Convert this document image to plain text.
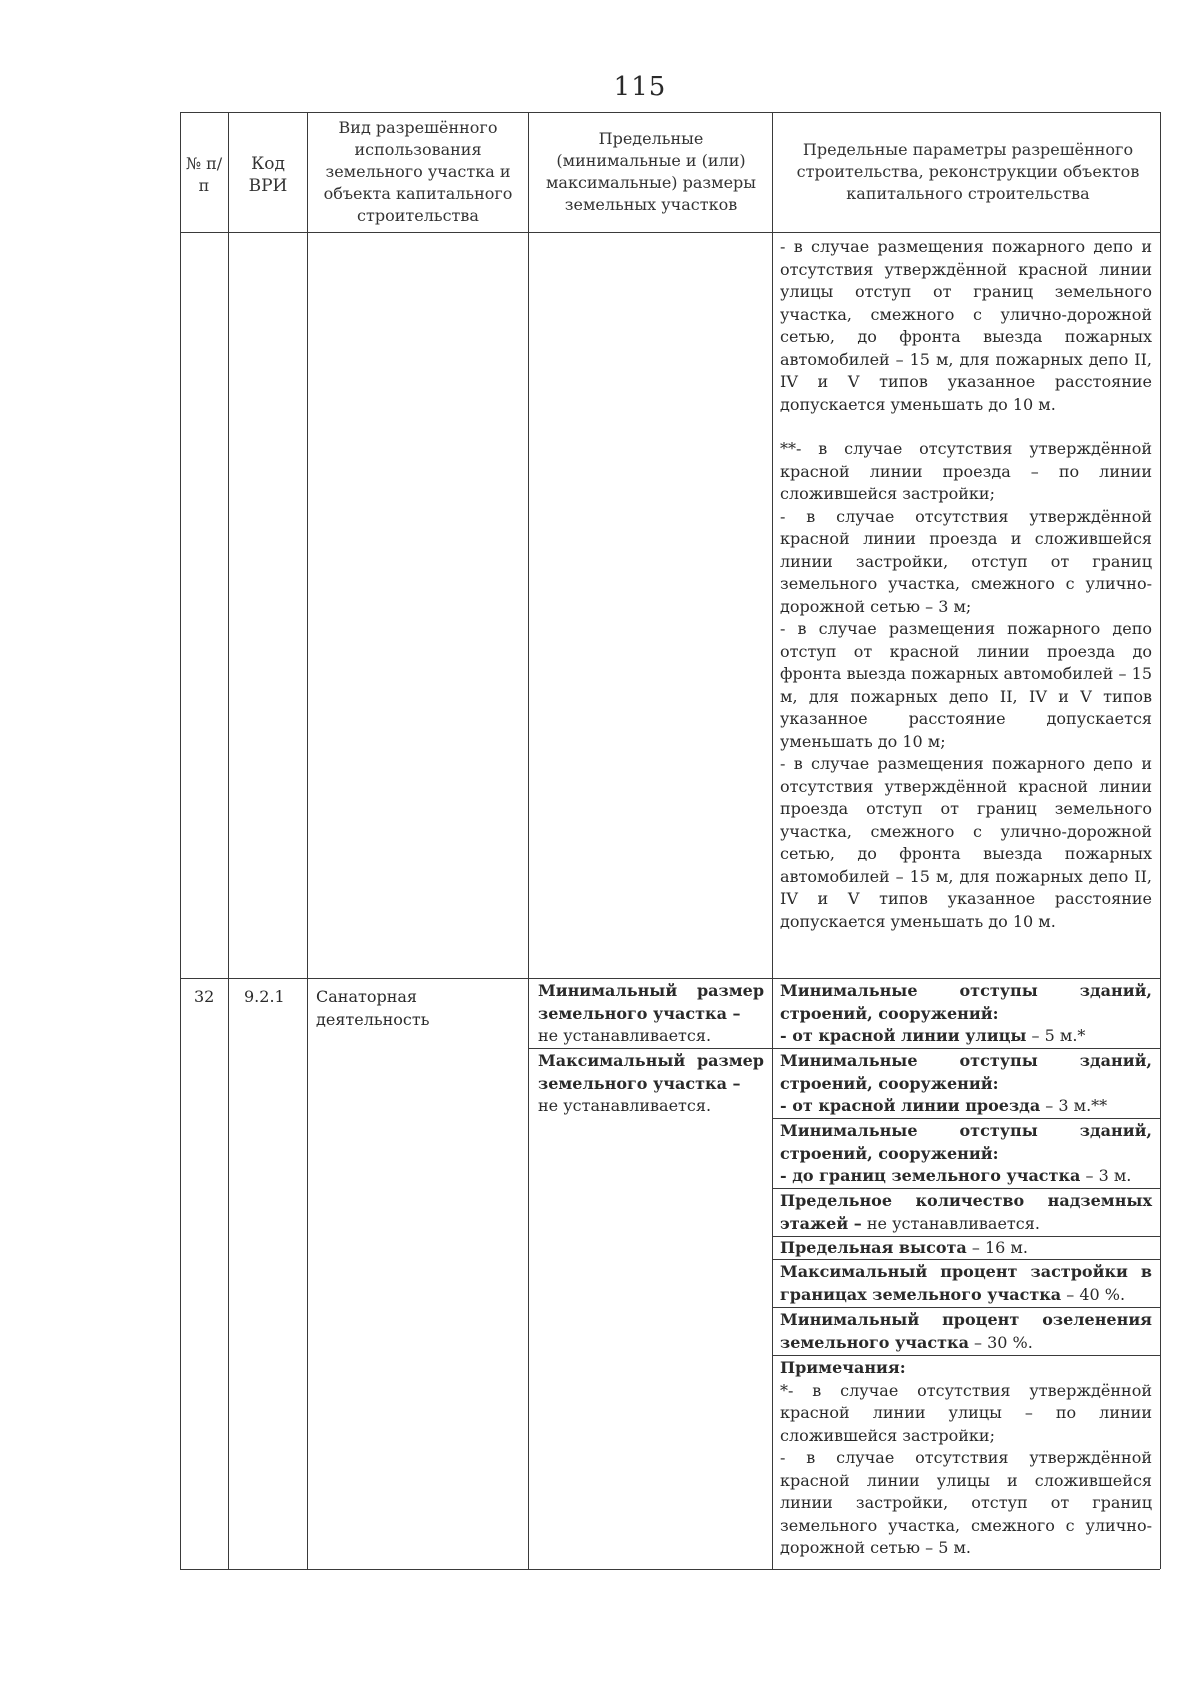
115
№ п/п
Код ВРИ
Вид разрешённого использования земельного участка и объекта капитального строительства
Предельные (минимальные и (или) максимальные) размеры земельных участков
Предельные параметры разрешённого строительства, реконструкции объектов капитального строительства

- в случае размещения пожарного депо и отсутствия утверждённой красной линии улицы отступ от границ земельного участка, смежного с улично-дорожной сетью, до фронта выезда пожарных автомобилей – 15 м, для пожарных депо II, IV и V типов указанное расстояние допускается уменьшать до 10 м.

**- в случае отсутствия утверждённой красной линии проезда – по линии сложившейся застройки;

- в случае отсутствия утверждённой красной линии проезда и сложившейся линии застройки, отступ от границ земельного участка, смежного с улично-дорожной сетью – 3 м;

- в случае размещения пожарного депо отступ от красной линии проезда до фронта выезда пожарных автомобилей – 15 м, для пожарных депо II, IV и V типов указанное расстояние допускается уменьшать до 10 м;

- в случае размещения пожарного депо и отсутствия утверждённой красной линии проезда отступ от границ земельного участка, смежного с улично-дорожной сетью, до фронта выезда пожарных автомобилей – 15 м, для пожарных депо II, IV и V типов указанное расстояние допускается уменьшать до 10 м.

32	9.2.1	Санаторная деятельность
Минимальный размер земельного участка –
не устанавливается.
Максимальный размер земельного участка –
не устанавливается.
Минимальные отступы зданий, строений, сооружений:
- от красной линии улицы – 5 м.*
Минимальные отступы зданий, строений, сооружений:
- от красной линии проезда – 3 м.**
Минимальные отступы зданий, строений, сооружений:
- до границ земельного участка – 3 м.
Предельное количество надземных этажей – не устанавливается.
Предельная высота – 16 м.
Максимальный процент застройки в границах земельного участка – 40 %.
Минимальный процент озеленения земельного участка – 30 %.
Примечания:

*- в случае отсутствия утверждённой красной линии улицы – по линии сложившейся застройки;

- в случае отсутствия утверждённой красной линии улицы и сложившейся линии застройки, отступ от границ земельного участка, смежного с улично-дорожной сетью – 5 м.
